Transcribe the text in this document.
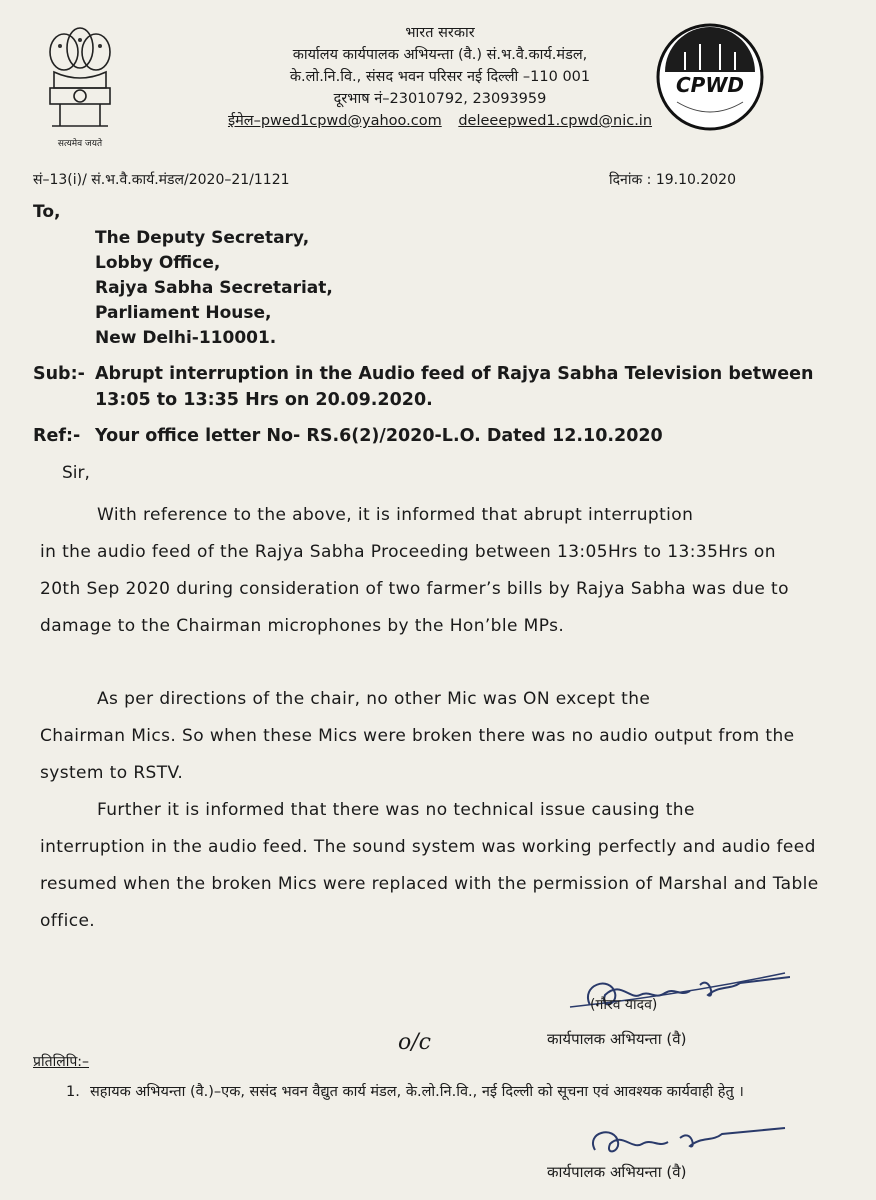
सत्यमेव जयते
भारत सरकार
कार्यालय कार्यपालक अभियन्ता (वै.) सं.भ.वै.कार्य.मंडल,
के.लो.नि.वि., संसद भवन परिसर नई दिल्ली –110 001
दूरभाष नं–23010792, 23093959
ईमेल–pwed1cpwd@yahoo.com deleeepwed1.cpwd@nic.in
CPWD
सं–13(i)/ सं.भ.वै.कार्य.मंडल/2020–21/1121	दिनांक : 19.10.2020
To,
The Deputy Secretary,
Lobby Office,
Rajya Sabha Secretariat,
Parliament House,
New Delhi-110001.
Sub:- Abrupt interruption in the Audio feed of Rajya Sabha Television between 13:05 to 13:35 Hrs on 20.09.2020.
Ref:- Your office letter No- RS.6(2)/2020-L.O. Dated 12.10.2020
Sir,
With reference to the above, it is informed that abrupt interruption
in the audio feed of the Rajya Sabha Proceeding between 13:05Hrs to 13:35Hrs on 20th Sep 2020 during consideration of two farmer’s bills by Rajya Sabha was due to damage to the Chairman microphones by the Hon’ble MPs.
As per directions of the chair, no other Mic was ON except the
Chairman Mics. So when these Mics were broken there was no audio output from the system to RSTV.
Further it is informed that there was no technical issue causing the
interruption in the audio feed. The sound system was working perfectly and audio feed resumed when the broken Mics were replaced with the permission of Marshal and Table office.
(गौरव यादव)
कार्यपालक अभियन्ता (वै)
o/c
प्रतिलिपि:–
1. सहायक अभियन्ता (वै.)–एक, ससंद भवन वैद्युत कार्य मंडल, के.लो.नि.वि., नई दिल्ली को सूचना एवं आवश्यक कार्यवाही हेतु ।
कार्यपालक अभियन्ता (वै)
